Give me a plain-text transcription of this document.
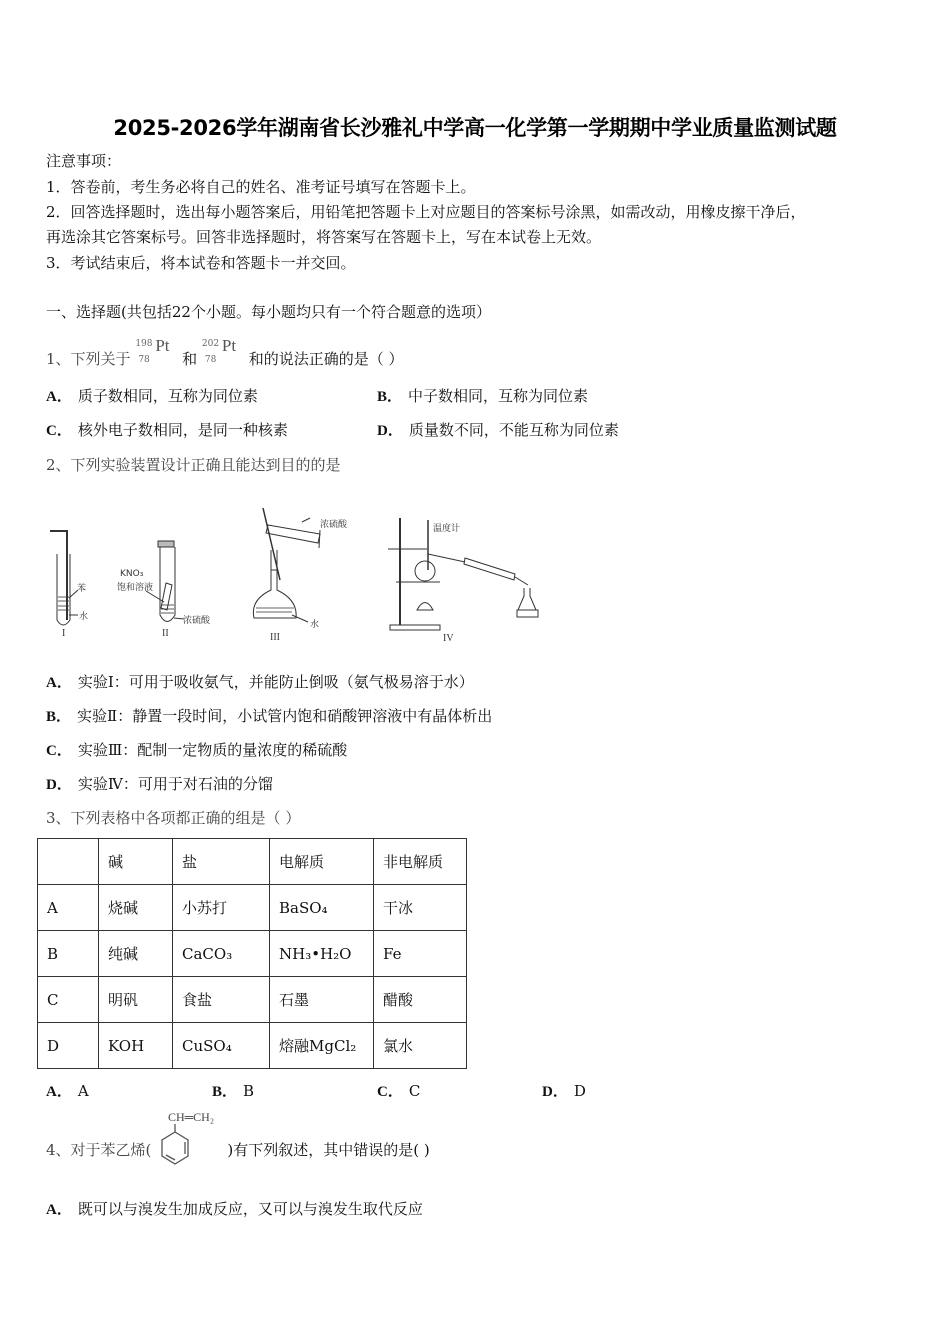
2025-2026学年湖南省长沙雅礼中学高一化学第一学期期中学业质量监测试题
注意事项：
1．答卷前，考生务必将自己的姓名、准考证号填写在答题卡上。
2．回答选择题时，选出每小题答案后，用铅笔把答题卡上对应题目的答案标号涂黑，如需改动，用橡皮擦干净后，
再选涂其它答案标号。回答非选择题时，将答案写在答题卡上，写在本试卷上无效。
3．考试结束后，将本试卷和答题卡一并交回。
一、选择题(共包括22个小题。每小题均只有一个符合题意的选项）
1、下列关于
198
78
Pt
和
202
78
Pt
和的说法正确的是（ ）
A． 质子数相同，互称为同位素	B． 中子数相同，互称为同位素
C． 核外电子数相同，是同一种核素	D． 质量数不同，不能互称为同位素
2、下列实验装置设计正确且能达到目的的是
苯
水
I
KNO₃
饱和溶液
浓硫酸
II
浓硫酸
水
III
温度计
IV
A． 实验Ⅰ：可用于吸收氨气，并能防止倒吸（氨气极易溶于水）
B． 实验Ⅱ：静置一段时间，小试管内饱和硝酸钾溶液中有晶体析出
C． 实验Ⅲ：配制一定物质的量浓度的稀硫酸
D． 实验Ⅳ：可用于对石油的分馏
3、下列表格中各项都正确的组是（ ）
	碱	盐	电解质	非电解质
A	烧碱	小苏打	BaSO₄	干冰
B	纯碱	CaCO₃	NH₃•H₂O	Fe
C	明矾	食盐	石墨	醋酸
D	KOH	CuSO₄	熔融MgCl₂	氯水
A． A	B． B	C． C	D． D
4、对于苯乙烯(	)有下列叙述，其中错误的是( )
CH═CH₂
A． 既可以与溴发生加成反应，又可以与溴发生取代反应
